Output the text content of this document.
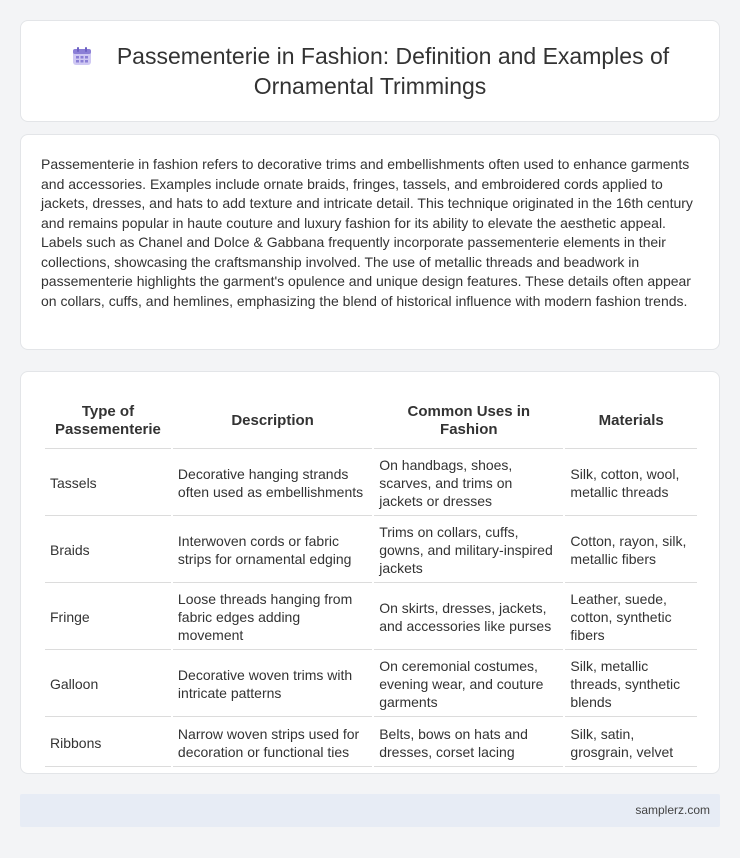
Passementerie in Fashion: Definition and Examples of Ornamental Trimmings

Passementerie in fashion refers to decorative trims and embellishments often used to enhance garments and accessories. Examples include ornate braids, fringes, tassels, and embroidered cords applied to jackets, dresses, and hats to add texture and intricate detail. This technique originated in the 16th century and remains popular in haute couture and luxury fashion for its ability to elevate the aesthetic appeal. Labels such as Chanel and Dolce & Gabbana frequently incorporate passementerie elements in their collections, showcasing the craftsmanship involved. The use of metallic threads and beadwork in passementerie highlights the garment's opulence and unique design features. These details often appear on collars, cuffs, and hemlines, emphasizing the blend of historical influence with modern fashion trends.

Type of Passementerie	Description	Common Uses in Fashion	Materials
Tassels	Decorative hanging strands often used as embellishments	On handbags, shoes, scarves, and trims on jackets or dresses	Silk, cotton, wool, metallic threads
Braids	Interwoven cords or fabric strips for ornamental edging	Trims on collars, cuffs, gowns, and military-inspired jackets	Cotton, rayon, silk, metallic fibers
Fringe	Loose threads hanging from fabric edges adding movement	On skirts, dresses, jackets, and accessories like purses	Leather, suede, cotton, synthetic fibers
Galloon	Decorative woven trims with intricate patterns	On ceremonial costumes, evening wear, and couture garments	Silk, metallic threads, synthetic blends
Ribbons	Narrow woven strips used for decoration or functional ties	Belts, bows on hats and dresses, corset lacing	Silk, satin, grosgrain, velvet
samplerz.com
